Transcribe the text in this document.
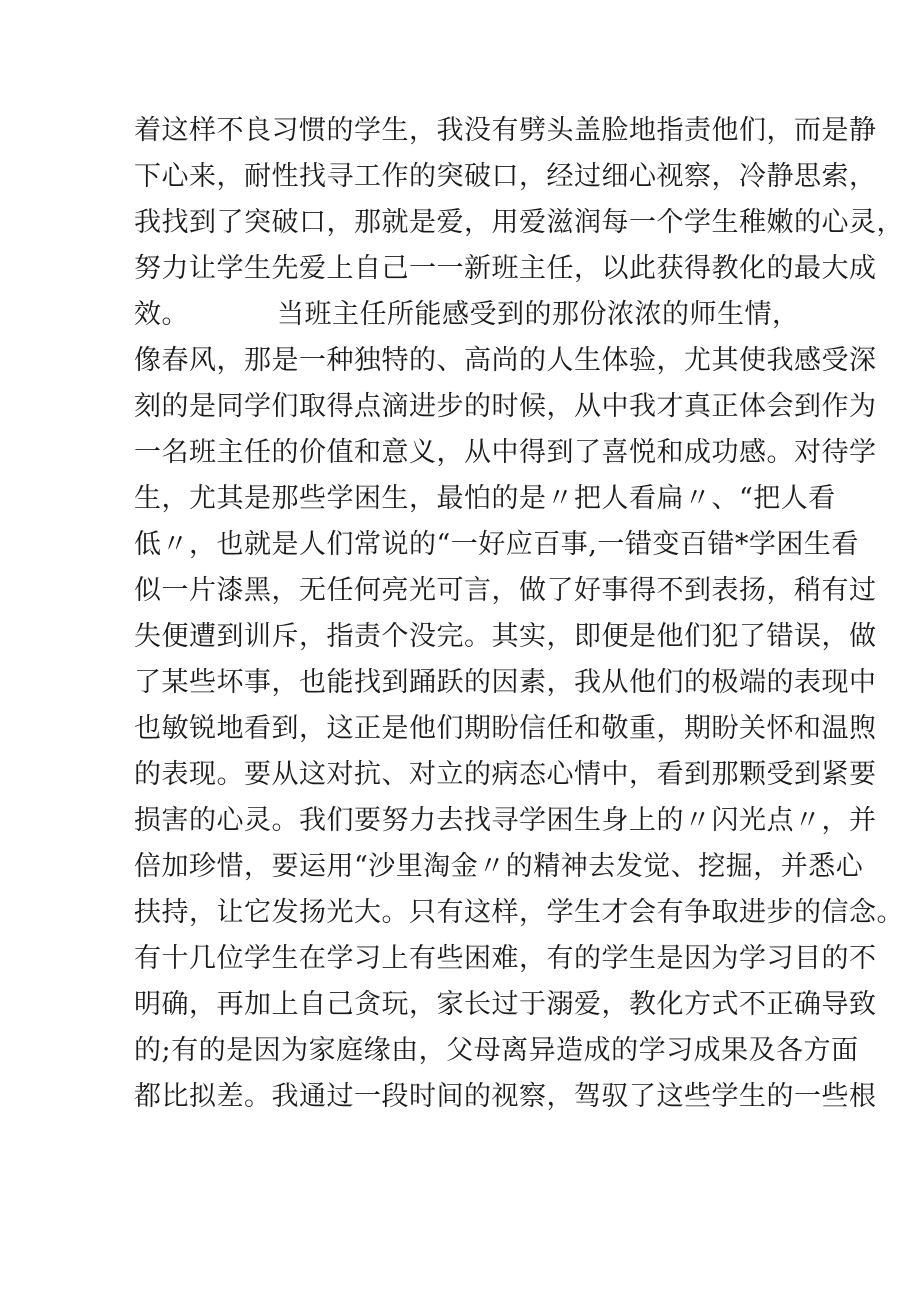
着这样不良习惯的学生，我没有劈头盖脸地指责他们，而是静
下心来，耐性找寻工作的突破口，经过细心视察，冷静思索，
我找到了突破口，那就是爱，用爱滋润每一个学生稚嫩的心灵，
努力让学生先爱上自己一一新班主任，以此获得教化的最大成
效。	当班主任所能感受到的那份浓浓的师生情，
像春风，那是一种独特的、高尚的人生体验，尤其使我感受深
刻的是同学们取得点滴进步的时候，从中我才真正体会到作为
一名班主任的价值和意义，从中得到了喜悦和成功感。对待学
生，尤其是那些学困生，最怕的是〃把人看扁〃、“把人看
低〃，也就是人们常说的“一好应百事,一错变百错*学困生看
似一片漆黑，无任何亮光可言，做了好事得不到表扬，稍有过
失便遭到训斥，指责个没完。其实，即便是他们犯了错误，做
了某些坏事，也能找到踊跃的因素，我从他们的极端的表现中
也敏锐地看到，这正是他们期盼信任和敬重，期盼关怀和温煦
的表现。要从这对抗、对立的病态心情中，看到那颗受到紧要
损害的心灵。我们要努力去找寻学困生身上的〃闪光点〃，并
倍加珍惜，要运用“沙里淘金〃的精神去发觉、挖掘，并悉心
扶持，让它发扬光大。只有这样，学生才会有争取进步的信念。
有十几位学生在学习上有些困难，有的学生是因为学习目的不
明确，再加上自己贪玩，家长过于溺爱，教化方式不正确导致
的;有的是因为家庭缘由，父母离异造成的学习成果及各方面
都比拟差。我通过一段时间的视察，驾驭了这些学生的一些根
